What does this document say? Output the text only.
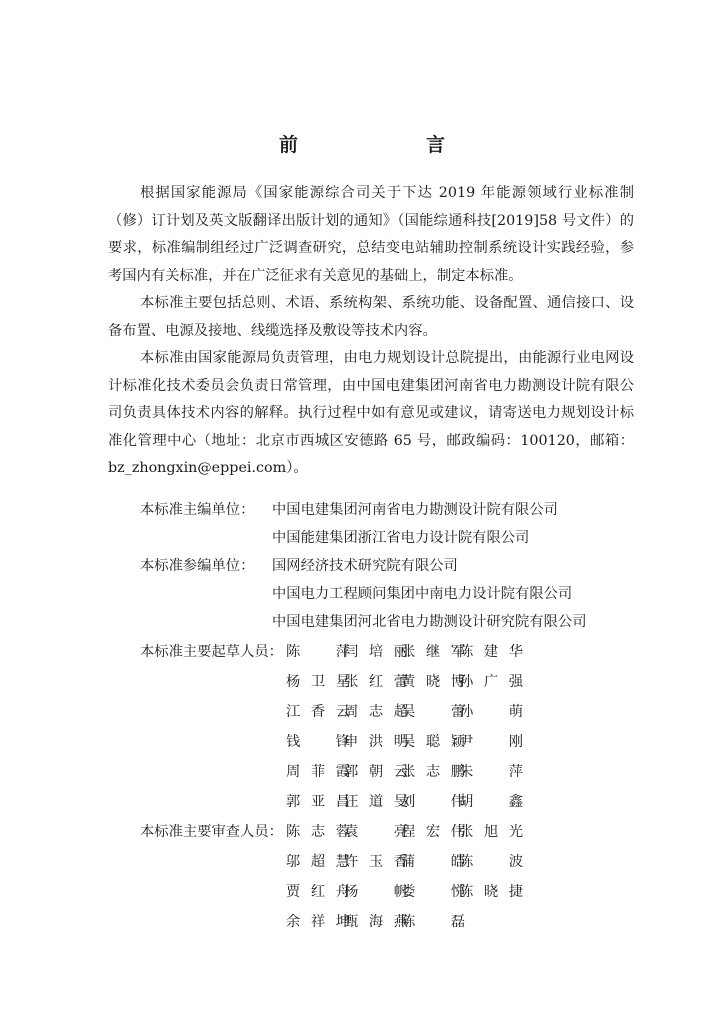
前　　言

根据国家能源局《国家能源综合司关于下达 2019 年能源领域行业标准制（修）订计划及英文版翻译出版计划的通知》（国能综通科技[2019]58 号文件）的要求，标准编制组经过广泛调查研究，总结变电站辅助控制系统设计实践经验，参考国内有关标准，并在广泛征求有关意见的基础上，制定本标准。

本标准主要包括总则、术语、系统构架、系统功能、设备配置、通信接口、设备布置、电源及接地、线缆选择及敷设等技术内容。

本标准由国家能源局负责管理，由电力规划设计总院提出，由能源行业电网设计标准化技术委员会负责日常管理，由中国电建集团河南省电力勘测设计院有限公司负责具体技术内容的解释。执行过程中如有意见或建议，请寄送电力规划设计标准化管理中心（地址：北京市西城区安德路 65 号，邮政编码：100120，邮箱：bz_zhongxin@eppei.com）。

本标准主编单位： 中国电建集团河南省电力勘测设计院有限公司
中国能建集团浙江省电力设计院有限公司
本标准参编单位： 国网经济技术研究院有限公司
中国电力工程顾问集团中南电力设计院有限公司
中国电建集团河北省电力勘测设计研究院有限公司
本标准主要起草人员： 陈萍
闫培丽
张继军
陈建华
杨卫星
张红蕾
黄晓博
孙广强
江香云
周志超
吴蕾
孙萌
钱锋
申洪明
吴聪颖
尹刚
周菲霞
郭朝云
张志鹏
朱萍
郭亚昌
汪道旻
刘伟
胡鑫
本标准主要审查人员： 陈志蓉
袁亮
程宏伟
张旭光
邬超慧
许玉香
蒲皓
陈波
贾红舟
杨帆
娄悦
陈晓捷
余祥坤
甄海燕
陈磊
